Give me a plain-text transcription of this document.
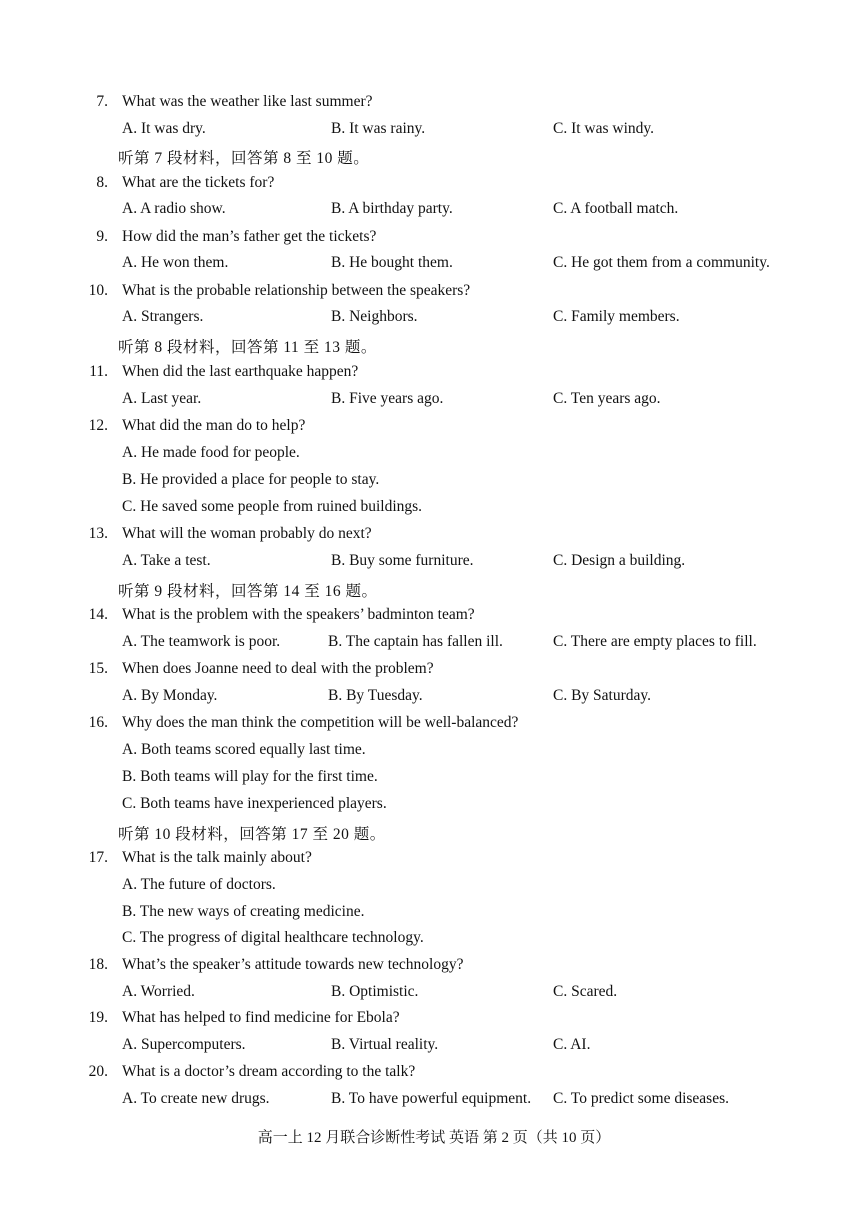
7. What was the weather like last summer?
A. It was dry.	B. It was rainy.	C. It was windy.
听第 7 段材料，回答第 8 至 10 题。
8. What are the tickets for?
A. A radio show.	B. A birthday party.	C. A football match.
9. How did the man’s father get the tickets?
A. He won them.	B. He bought them.	C. He got them from a community.
10. What is the probable relationship between the speakers?
A. Strangers.	B. Neighbors.	C. Family members.
听第 8 段材料，回答第 11 至 13 题。
11. When did the last earthquake happen?
A. Last year.	B. Five years ago.	C. Ten years ago.
12. What did the man do to help?
A. He made food for people.
B. He provided a place for people to stay.
C. He saved some people from ruined buildings.
13. What will the woman probably do next?
A. Take a test.	B. Buy some furniture.	C. Design a building.
听第 9 段材料，回答第 14 至 16 题。
14. What is the problem with the speakers’ badminton team?
A. The teamwork is poor.	B. The captain has fallen ill.	C. There are empty places to fill.
15. When does Joanne need to deal with the problem?
A. By Monday.	B. By Tuesday.	C. By Saturday.
16. Why does the man think the competition will be well-balanced?
A. Both teams scored equally last time.
B. Both teams will play for the first time.
C. Both teams have inexperienced players.
听第 10 段材料，回答第 17 至 20 题。
17. What is the talk mainly about?
A. The future of doctors.
B. The new ways of creating medicine.
C. The progress of digital healthcare technology.
18. What’s the speaker’s attitude towards new technology?
A. Worried.	B. Optimistic.	C. Scared.
19. What has helped to find medicine for Ebola?
A. Supercomputers.	B. Virtual reality.	C. AI.
20. What is a doctor’s dream according to the talk?
A. To create new drugs.	B. To have powerful equipment. C. To predict some diseases.
高一上 12 月联合诊断性考试 英语 第 2 页（共 10 页）
